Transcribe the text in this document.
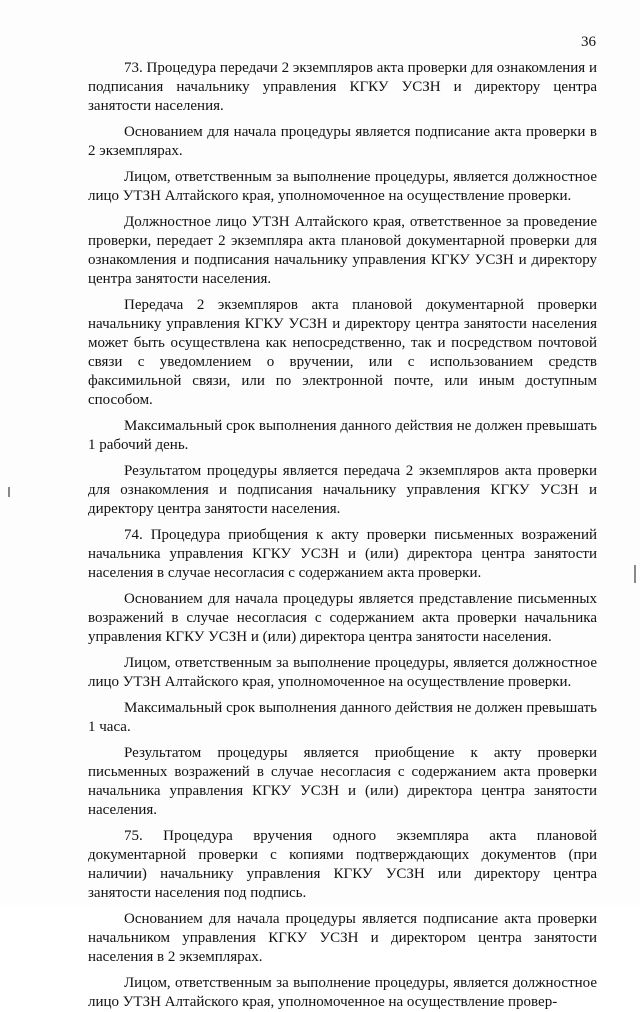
36

73. Процедура передачи 2 экземпляров акта проверки для ознакомления и подписания начальнику управления КГКУ УСЗН и директору центра занятости населения.

Основанием для начала процедуры является подписание акта проверки в 2 экземплярах.

Лицом, ответственным за выполнение процедуры, является должностное лицо УТЗН Алтайского края, уполномоченное на осуществление проверки.

Должностное лицо УТЗН Алтайского края, ответственное за проведение проверки, передает 2 экземпляра акта плановой документарной проверки для ознакомления и подписания начальнику управления КГКУ УСЗН и директору центра занятости населения.

Передача 2 экземпляров акта плановой документарной проверки начальнику управления КГКУ УСЗН и директору центра занятости населения может быть осуществлена как непосредственно, так и посредством почтовой связи с уведомлением о вручении, или с использованием средств факсимильной связи, или по электронной почте, или иным доступным способом.

Максимальный срок выполнения данного действия не должен превышать 1 рабочий день.

Результатом процедуры является передача 2 экземпляров акта проверки для ознакомления и подписания начальнику управления КГКУ УСЗН и директору центра занятости населения.

74. Процедура приобщения к акту проверки письменных возражений начальника управления КГКУ УСЗН и (или) директора центра занятости населения в случае несогласия с содержанием акта проверки.

Основанием для начала процедуры является представление письменных возражений в случае несогласия с содержанием акта проверки начальника управления КГКУ УСЗН и (или) директора центра занятости населения.

Лицом, ответственным за выполнение процедуры, является должностное лицо УТЗН Алтайского края, уполномоченное на осуществление проверки.

Максимальный срок выполнения данного действия не должен превышать 1 часа.

Результатом процедуры является приобщение к акту проверки письменных возражений в случае несогласия с содержанием акта проверки начальника управления КГКУ УСЗН и (или) директора центра занятости населения.

75. Процедура вручения одного экземпляра акта плановой документарной проверки с копиями подтверждающих документов (при наличии) начальнику управления КГКУ УСЗН или директору центра занятости населения под подпись.

Основанием для начала процедуры является подписание акта проверки начальником управления КГКУ УСЗН и директором центра занятости населения в 2 экземплярах.

Лицом, ответственным за выполнение процедуры, является должностное лицо УТЗН Алтайского края, уполномоченное на осуществление провер-
